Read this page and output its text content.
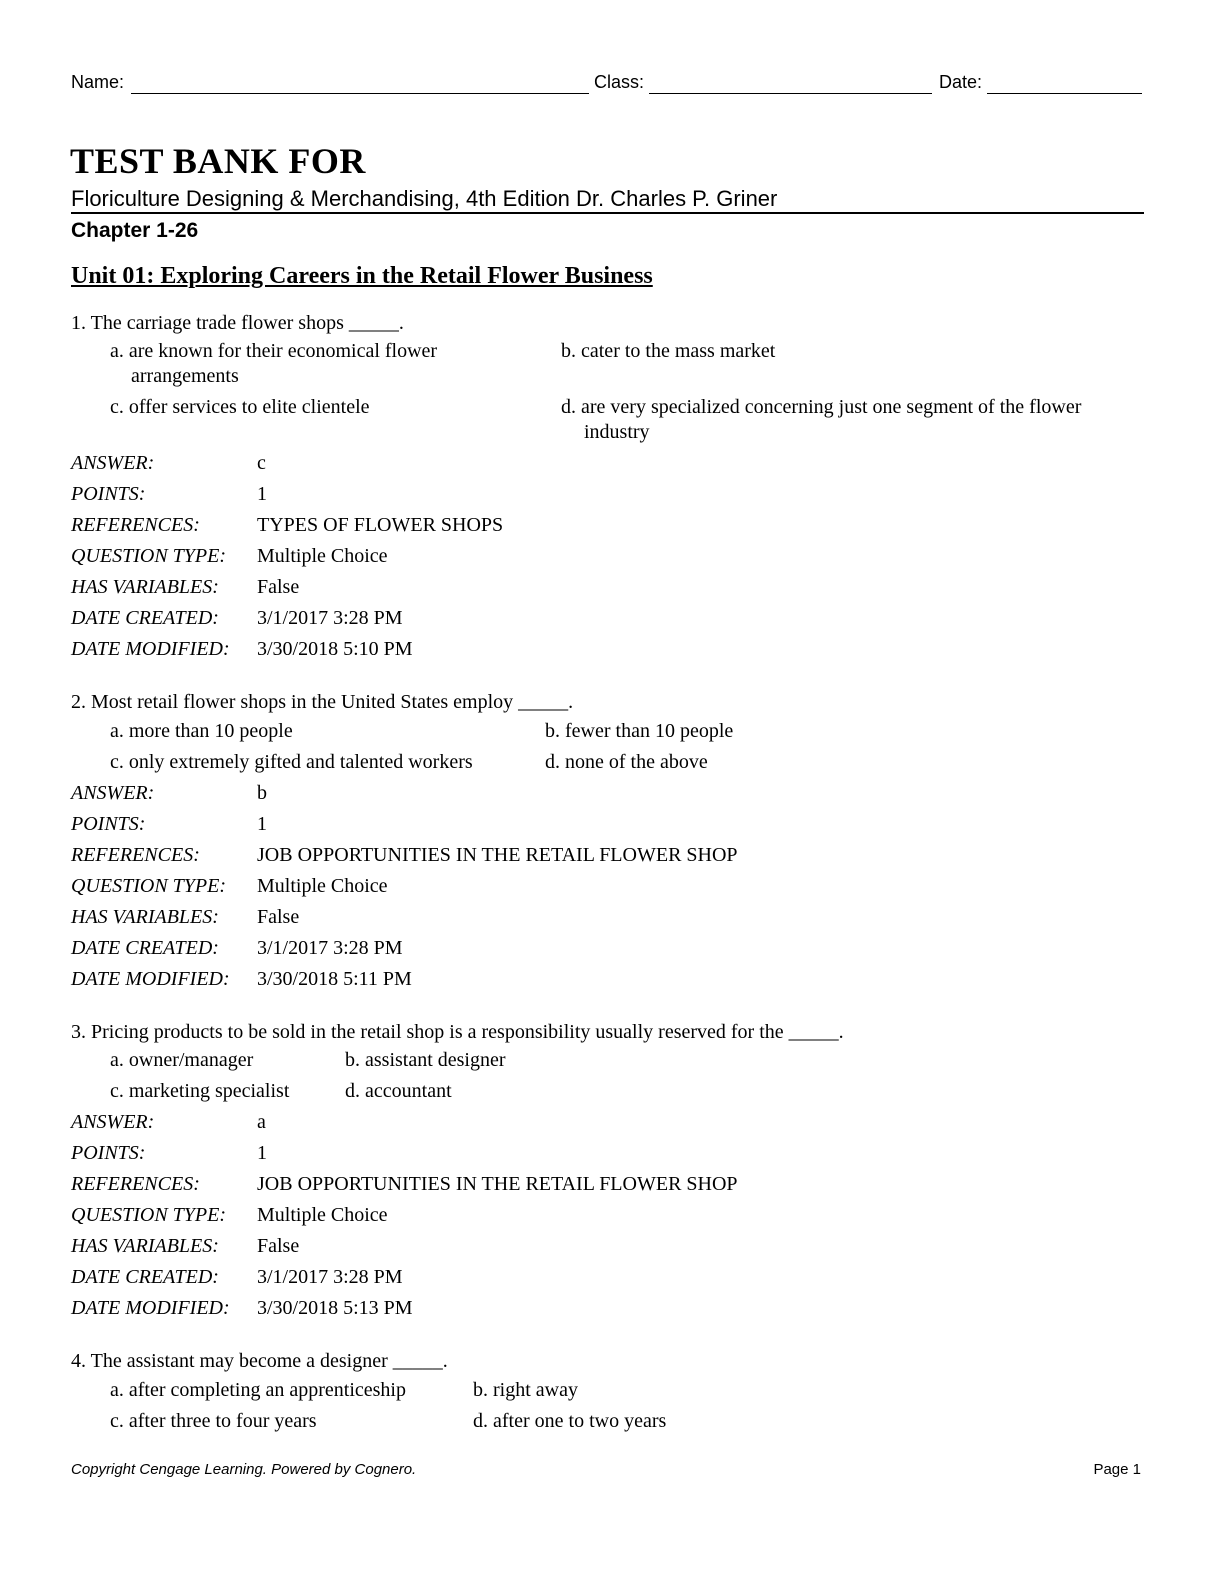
Name:	Class:	Date:
TEST BANK FOR
Floriculture Designing & Merchandising, 4th Edition Dr. Charles P. Griner
Chapter 1-26
Unit 01: Exploring Careers in the Retail Flower Business
1. The carriage trade flower shops _____.
a. are known for their economical flower arrangements
b. cater to the mass market
c. offer services to elite clientele	d. are very specialized concerning just one segment of the flower industry
ANSWER:	c
POINTS:	1
REFERENCES:	TYPES OF FLOWER SHOPS
QUESTION TYPE: Multiple Choice
HAS VARIABLES: False
DATE CREATED: 3/1/2017 3:28 PM
DATE MODIFIED: 3/30/2018 5:10 PM
2. Most retail flower shops in the United States employ _____.
a. more than 10 people	b. fewer than 10 people
c. only extremely gifted and talented workers	d. none of the above
ANSWER:	b
POINTS:	1
REFERENCES:	JOB OPPORTUNITIES IN THE RETAIL FLOWER SHOP
QUESTION TYPE: Multiple Choice
HAS VARIABLES: False
DATE CREATED: 3/1/2017 3:28 PM
DATE MODIFIED: 3/30/2018 5:11 PM
3. Pricing products to be sold in the retail shop is a responsibility usually reserved for the _____.
a. owner/manager	b. assistant designer
c. marketing specialist	d. accountant
ANSWER:	a
POINTS:	1
REFERENCES:	JOB OPPORTUNITIES IN THE RETAIL FLOWER SHOP
QUESTION TYPE: Multiple Choice
HAS VARIABLES: False
DATE CREATED: 3/1/2017 3:28 PM
DATE MODIFIED: 3/30/2018 5:13 PM
4. The assistant may become a designer _____.
a. after completing an apprenticeship	b. right away
c. after three to four years	d. after one to two years
Copyright Cengage Learning. Powered by Cognero.	Page 1
